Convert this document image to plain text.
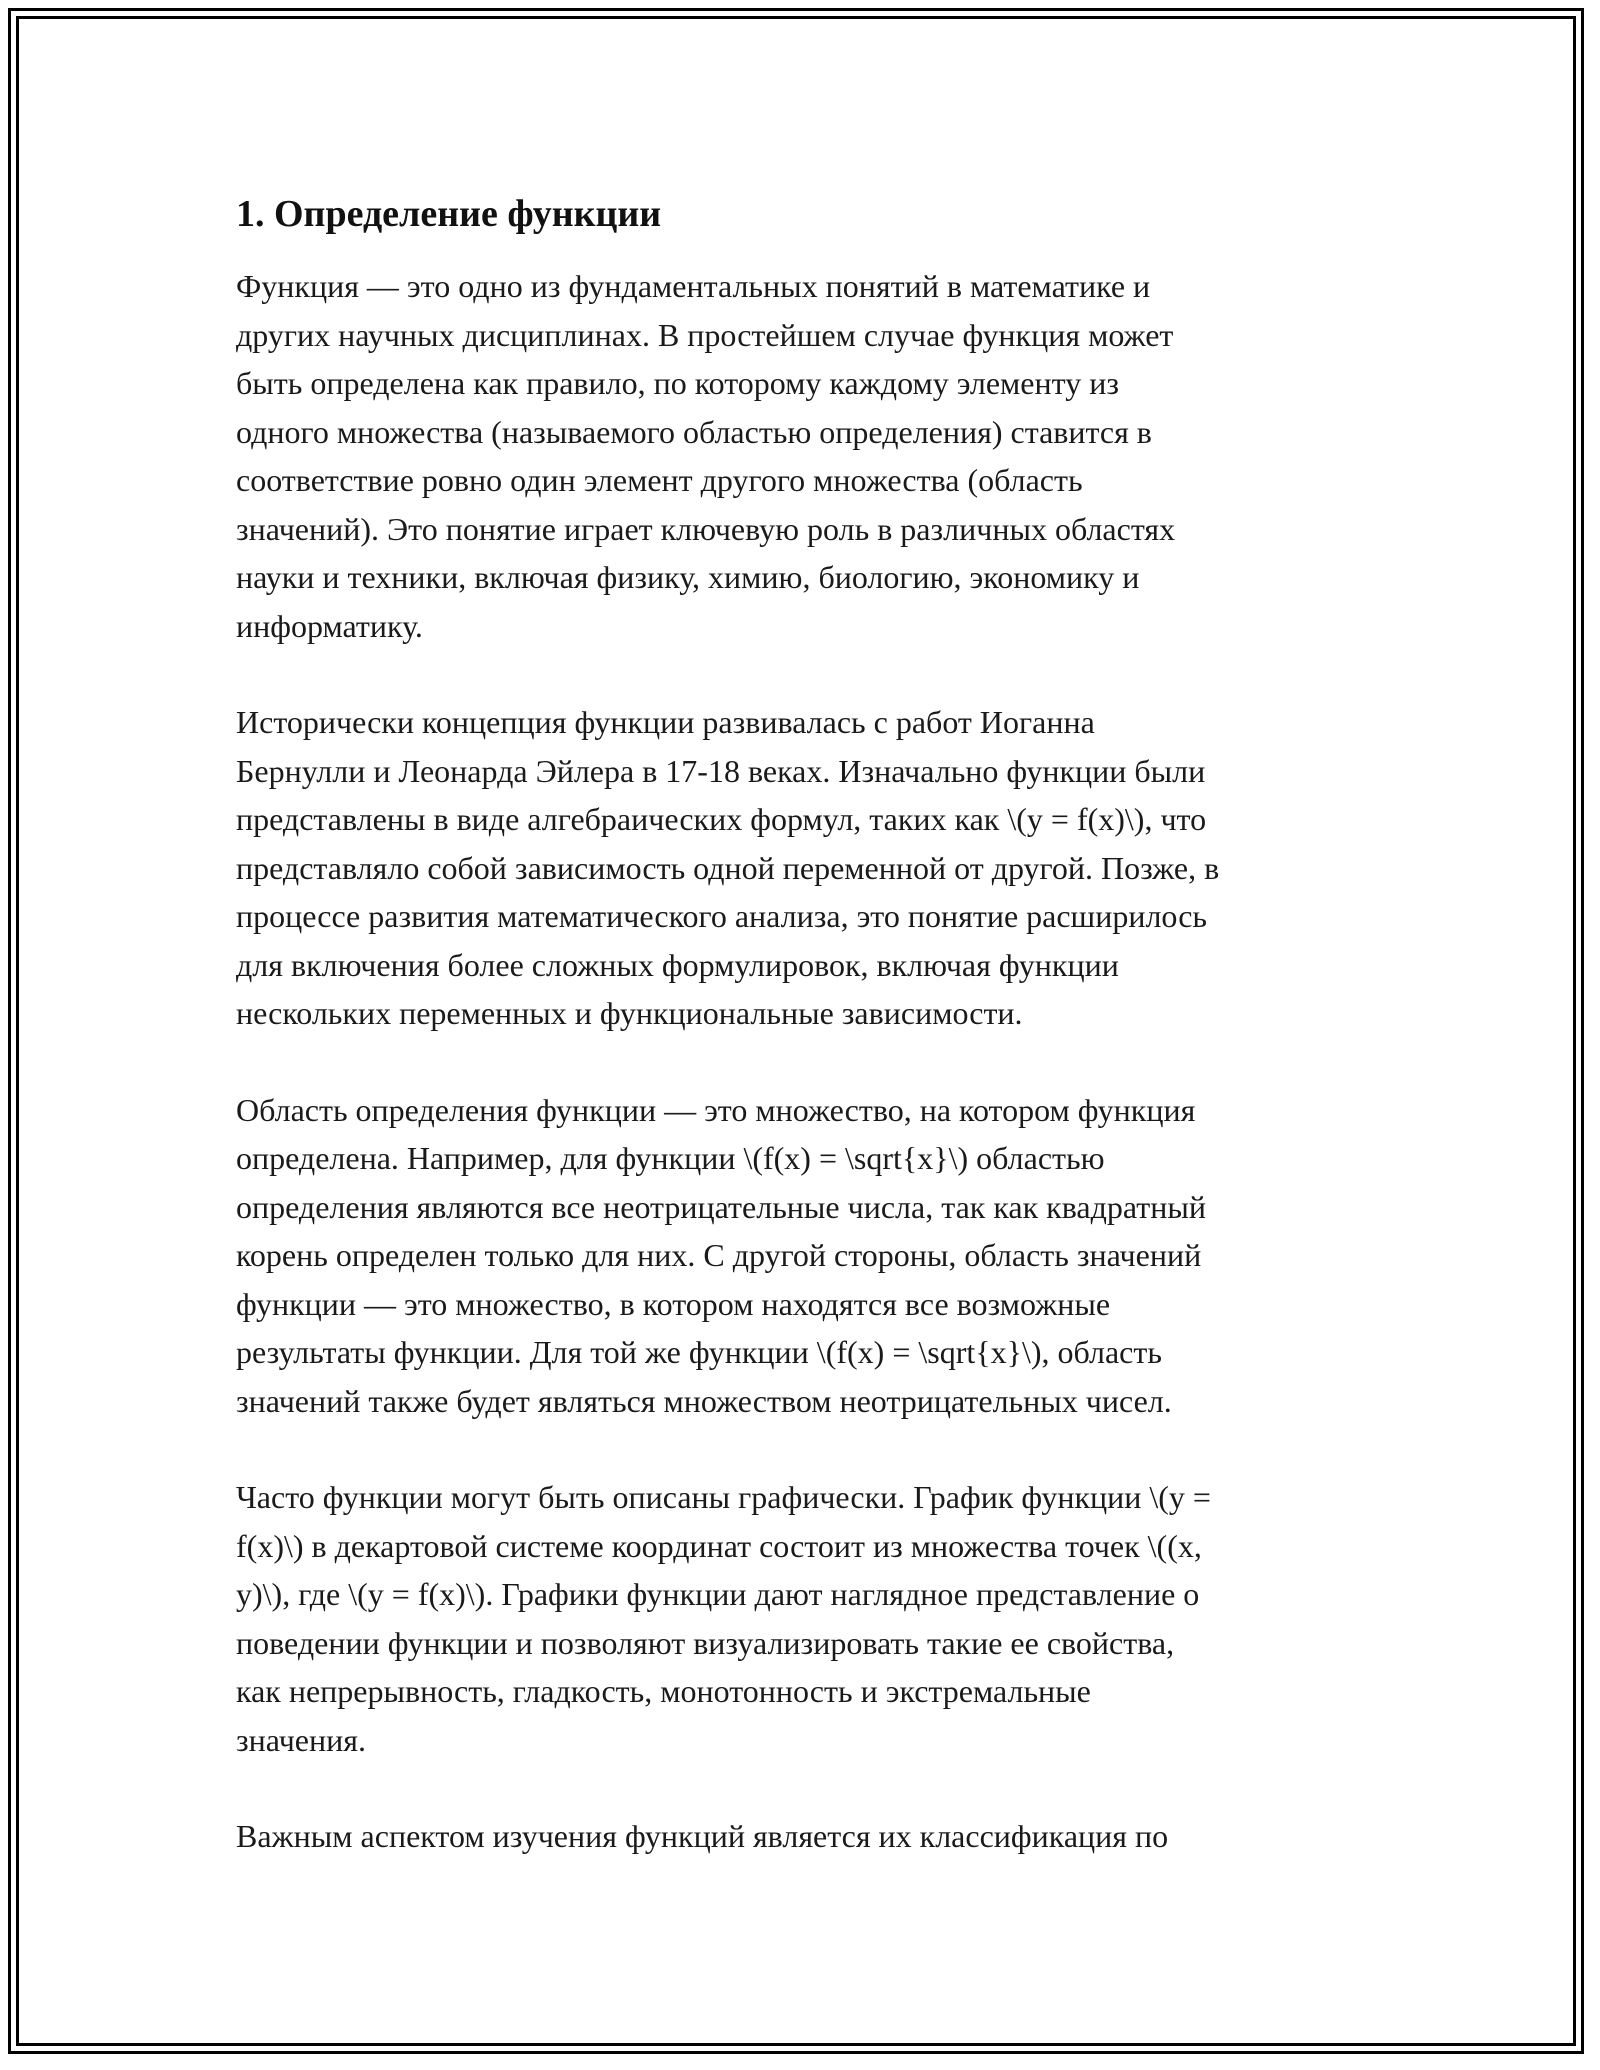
1. Определение функции

Функция — это одно из фундаментальных понятий в математике и
других научных дисциплинах. В простейшем случае функция может
быть определена как правило, по которому каждому элементу из
одного множества (называемого областью определения) ставится в
соответствие ровно один элемент другого множества (область
значений). Это понятие играет ключевую роль в различных областях
науки и техники, включая физику, химию, биологию, экономику и
информатику.

Исторически концепция функции развивалась с работ Иоганна
Бернулли и Леонарда Эйлера в 17-18 веках. Изначально функции были
представлены в виде алгебраических формул, таких как \(y = f(x)\), что
представляло собой зависимость одной переменной от другой. Позже, в
процессе развития математического анализа, это понятие расширилось
для включения более сложных формулировок, включая функции
нескольких переменных и функциональные зависимости.

Область определения функции — это множество, на котором функция
определена. Например, для функции \(f(x) = \sqrt{x}\) областью
определения являются все неотрицательные числа, так как квадратный
корень определен только для них. С другой стороны, область значений
функции — это множество, в котором находятся все возможные
результаты функции. Для той же функции \(f(x) = \sqrt{x}\), область
значений также будет являться множеством неотрицательных чисел.

Часто функции могут быть описаны графически. График функции \(y =
f(x)\) в декартовой системе координат состоит из множества точек \((x,
y)\), где \(y = f(x)\). Графики функции дают наглядное представление о
поведении функции и позволяют визуализировать такие ее свойства,
как непрерывность, гладкость, монотонность и экстремальные
значения.

Важным аспектом изучения функций является их классификация по
